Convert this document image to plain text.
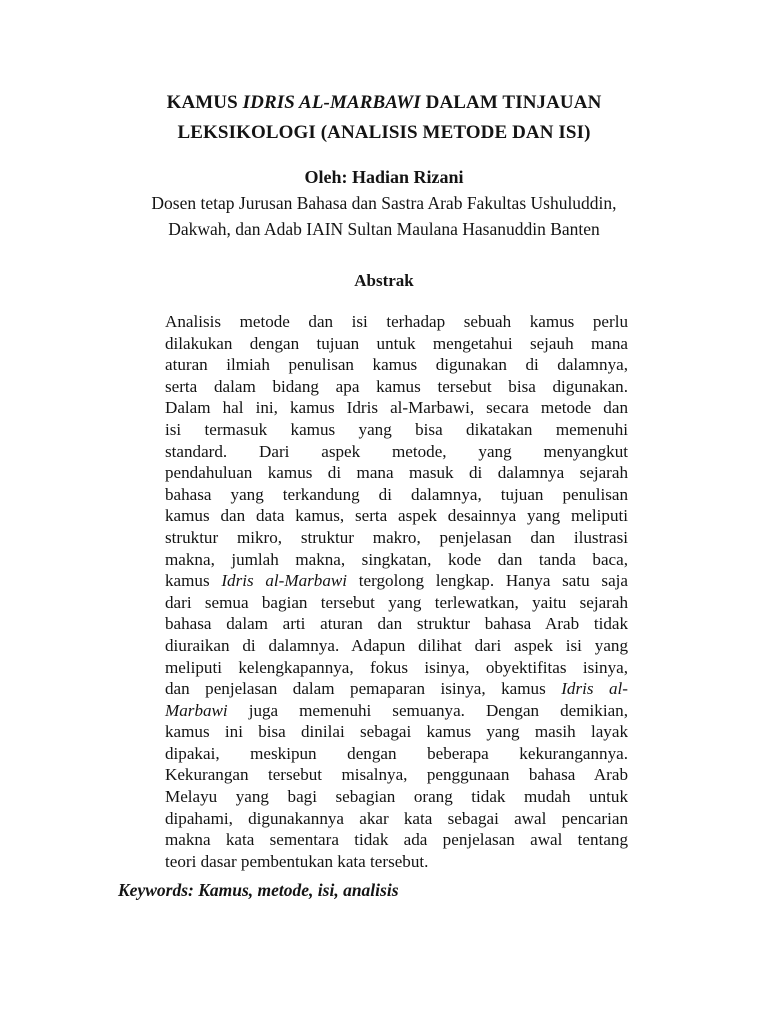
KAMUS IDRIS AL-MARBAWI DALAM TINJAUAN
LEKSIKOLOGI (ANALISIS METODE DAN ISI)
Oleh: Hadian Rizani
Dosen tetap Jurusan Bahasa dan Sastra Arab Fakultas Ushuluddin,
Dakwah, dan Adab IAIN Sultan Maulana Hasanuddin Banten
Abstrak
Analisis metode dan isi terhadap sebuah kamus perlu
dilakukan dengan tujuan untuk mengetahui sejauh mana
aturan ilmiah penulisan kamus digunakan di dalamnya,
serta dalam bidang apa kamus tersebut bisa digunakan.
Dalam hal ini, kamus Idris al-Marbawi, secara metode dan
isi termasuk kamus yang bisa dikatakan memenuhi
standard. Dari aspek metode, yang menyangkut
pendahuluan kamus di mana masuk di dalamnya sejarah
bahasa yang terkandung di dalamnya, tujuan penulisan
kamus dan data kamus, serta aspek desainnya yang meliputi
struktur mikro, struktur makro, penjelasan dan ilustrasi
makna, jumlah makna, singkatan, kode dan tanda baca,
kamus Idris al-Marbawi tergolong lengkap. Hanya satu saja
dari semua bagian tersebut yang terlewatkan, yaitu sejarah
bahasa dalam arti aturan dan struktur bahasa Arab tidak
diuraikan di dalamnya. Adapun dilihat dari aspek isi yang
meliputi kelengkapannya, fokus isinya, obyektifitas isinya,
dan penjelasan dalam pemaparan isinya, kamus Idris al-
Marbawi juga memenuhi semuanya. Dengan demikian,
kamus ini bisa dinilai sebagai kamus yang masih layak
dipakai, meskipun dengan beberapa kekurangannya.
Kekurangan tersebut misalnya, penggunaan bahasa Arab
Melayu yang bagi sebagian orang tidak mudah untuk
dipahami, digunakannya akar kata sebagai awal pencarian
makna kata sementara tidak ada penjelasan awal tentang
teori dasar pembentukan kata tersebut.
Keywords: Kamus, metode, isi, analisis
